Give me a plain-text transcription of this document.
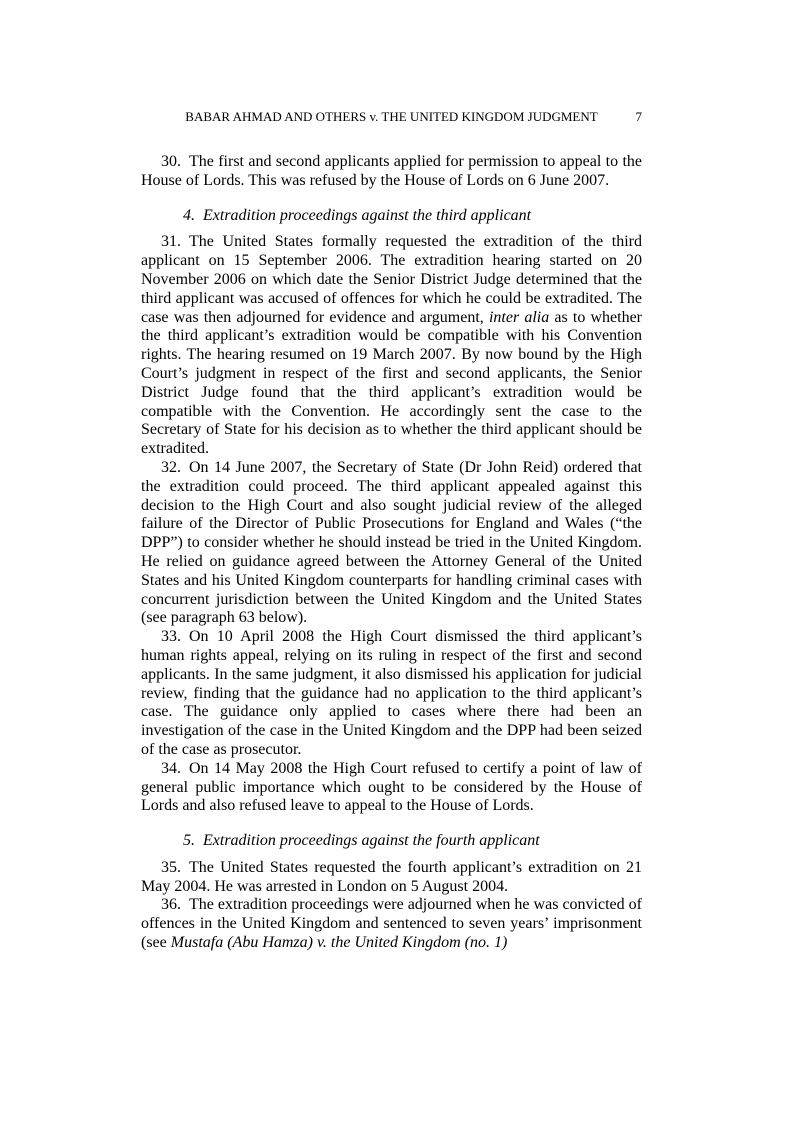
BABAR AHMAD AND OTHERS v. THE UNITED KINGDOM JUDGMENT	7

30. The first and second applicants applied for permission to appeal to the House of Lords. This was refused by the House of Lords on 6 June 2007.

4. Extradition proceedings against the third applicant

31. The United States formally requested the extradition of the third applicant on 15 September 2006. The extradition hearing started on 20 November 2006 on which date the Senior District Judge determined that the third applicant was accused of offences for which he could be extradited. The case was then adjourned for evidence and argument, inter alia as to whether the third applicant’s extradition would be compatible with his Convention rights. The hearing resumed on 19 March 2007. By now bound by the High Court’s judgment in respect of the first and second applicants, the Senior District Judge found that the third applicant’s extradition would be compatible with the Convention. He accordingly sent the case to the Secretary of State for his decision as to whether the third applicant should be extradited.

32. On 14 June 2007, the Secretary of State (Dr John Reid) ordered that the extradition could proceed. The third applicant appealed against this decision to the High Court and also sought judicial review of the alleged failure of the Director of Public Prosecutions for England and Wales (“the DPP”) to consider whether he should instead be tried in the United Kingdom. He relied on guidance agreed between the Attorney General of the United States and his United Kingdom counterparts for handling criminal cases with concurrent jurisdiction between the United Kingdom and the United States (see paragraph 63 below).

33. On 10 April 2008 the High Court dismissed the third applicant’s human rights appeal, relying on its ruling in respect of the first and second applicants. In the same judgment, it also dismissed his application for judicial review, finding that the guidance had no application to the third applicant’s case. The guidance only applied to cases where there had been an investigation of the case in the United Kingdom and the DPP had been seized of the case as prosecutor.

34. On 14 May 2008 the High Court refused to certify a point of law of general public importance which ought to be considered by the House of Lords and also refused leave to appeal to the House of Lords.

5. Extradition proceedings against the fourth applicant

35. The United States requested the fourth applicant’s extradition on 21 May 2004. He was arrested in London on 5 August 2004.

36. The extradition proceedings were adjourned when he was convicted of offences in the United Kingdom and sentenced to seven years’ imprisonment (see Mustafa (Abu Hamza) v. the United Kingdom (no. 1)
